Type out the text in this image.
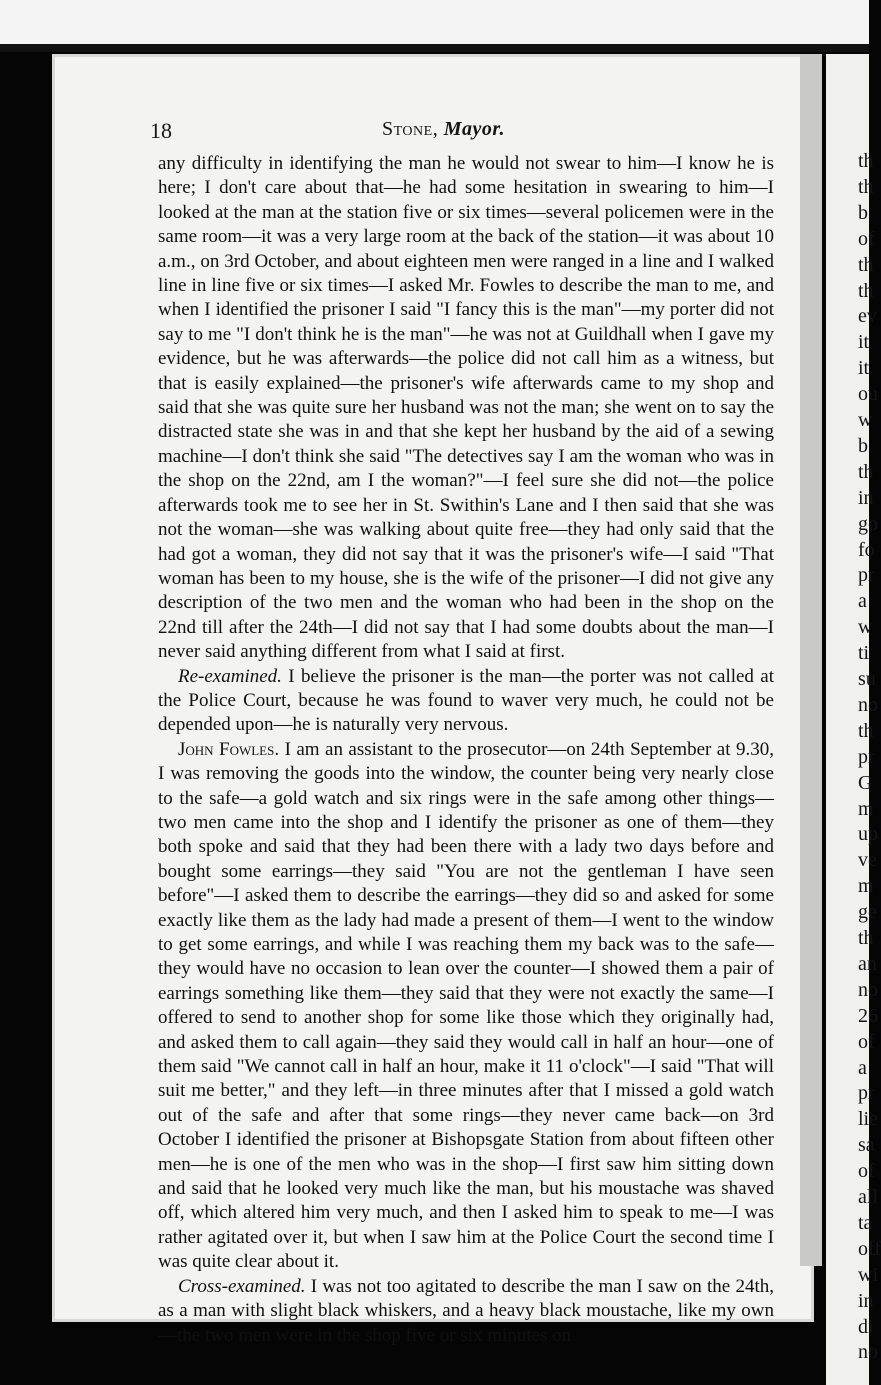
th
th
b
of
th
th
ev
it
it
ou
w
b
th
in
go
fo
pr
a
w
ti
su
no
th
pr
G
m
up
ve
m
ge
th
an
no
26
of
a
pr
lie
sa
of
all
ta
off
wi
in
di
no
18	Stone, Mayor.

any difficulty in identifying the man he would not swear to him—I know he is here; I don't care about that—he had some hesitation in swearing to him—I looked at the man at the station five or six times—several policemen were in the same room—it was a very large room at the back of the station—it was about 10 a.m., on 3rd October, and about eighteen men were ranged in a line and I walked line in line five or six times—I asked Mr. Fowles to describe the man to me, and when I identified the prisoner I said "I fancy this is the man"—my porter did not say to me "I don't think he is the man"—he was not at Guildhall when I gave my evidence, but he was afterwards—the police did not call him as a witness, but that is easily explained—the prisoner's wife afterwards came to my shop and said that she was quite sure her husband was not the man; she went on to say the distracted state she was in and that she kept her husband by the aid of a sewing machine—I don't think she said "The detectives say I am the woman who was in the shop on the 22nd, am I the woman?"—I feel sure she did not—the police afterwards took me to see her in St. Swithin's Lane and I then said that she was not the woman—she was walking about quite free—they had only said that the had got a woman, they did not say that it was the prisoner's wife—I said "That woman has been to my house, she is the wife of the prisoner—I did not give any description of the two men and the woman who had been in the shop on the 22nd till after the 24th—I did not say that I had some doubts about the man—I never said anything different from what I said at first.

Re-examined. I believe the prisoner is the man—the porter was not called at the Police Court, because he was found to waver very much, he could not be depended upon—he is naturally very nervous.

John Fowles. I am an assistant to the prosecutor—on 24th September at 9.30, I was removing the goods into the window, the counter being very nearly close to the safe—a gold watch and six rings were in the safe among other things—two men came into the shop and I identify the prisoner as one of them—they both spoke and said that they had been there with a lady two days before and bought some earrings—they said "You are not the gentleman I have seen before"—I asked them to describe the earrings—they did so and asked for some exactly like them as the lady had made a present of them—I went to the window to get some earrings, and while I was reaching them my back was to the safe—they would have no occasion to lean over the counter—I showed them a pair of earrings something like them—they said that they were not exactly the same—I offered to send to another shop for some like those which they originally had, and asked them to call again—they said they would call in half an hour—one of them said "We cannot call in half an hour, make it 11 o'clock"—I said "That will suit me better," and they left—in three minutes after that I missed a gold watch out of the safe and after that some rings—they never came back—on 3rd October I identified the prisoner at Bishopsgate Station from about fifteen other men—he is one of the men who was in the shop—I first saw him sitting down and said that he looked very much like the man, but his moustache was shaved off, which altered him very much, and then I asked him to speak to me—I was rather agitated over it, but when I saw him at the Police Court the second time I was quite clear about it.

Cross-examined. I was not too agitated to describe the man I saw on the 24th, as a man with slight black whiskers, and a heavy black moustache, like my own—the two men were in the shop five or six minutes on
